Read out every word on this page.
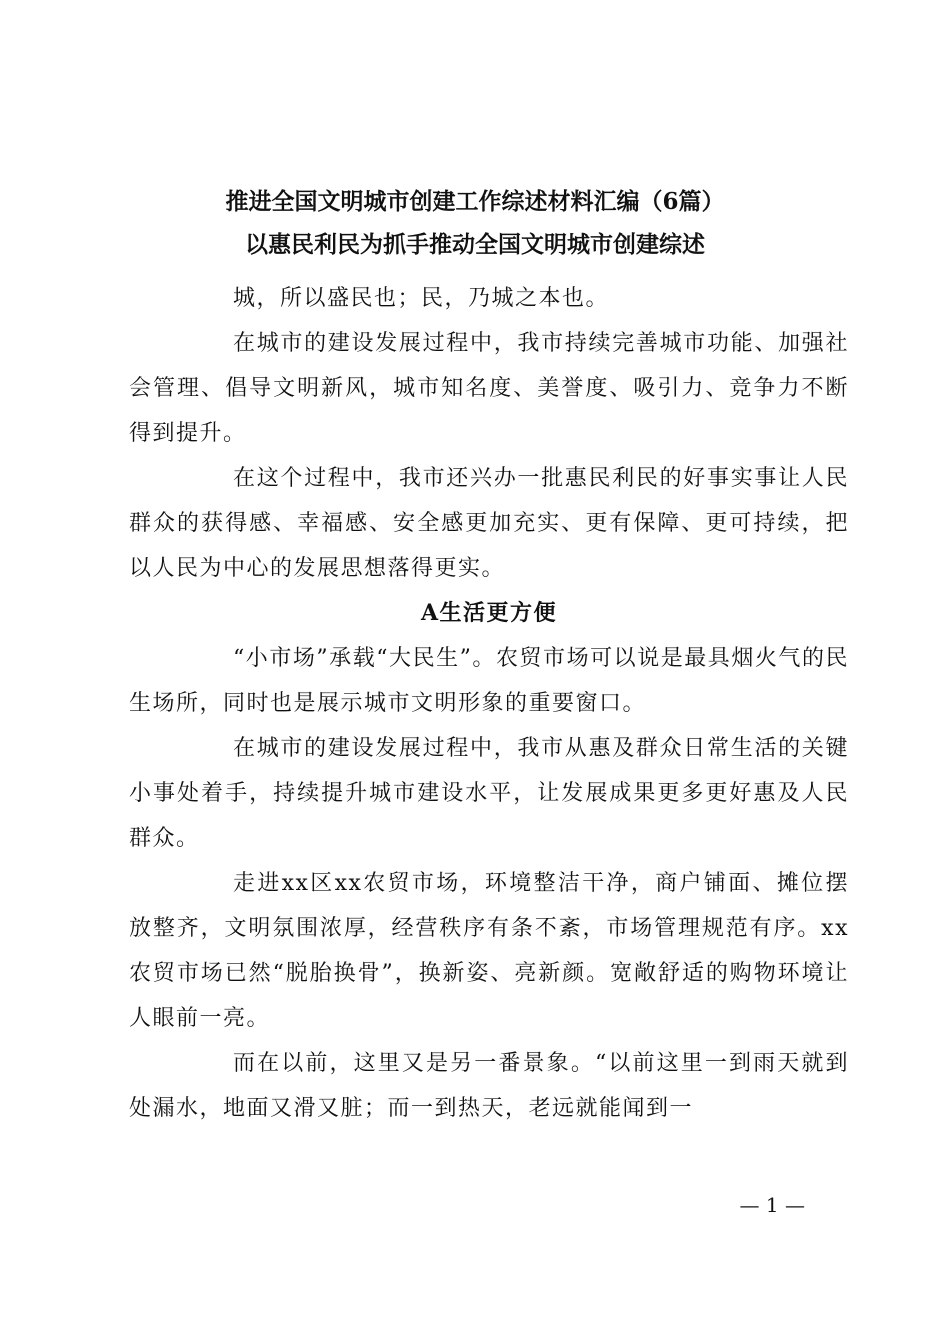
推进全国文明城市创建工作综述材料汇编（6篇）
以惠民利民为抓手推动全国文明城市创建综述

城，所以盛民也；民，乃城之本也。

在城市的建设发展过程中，我市持续完善城市功能、加强社会管理、倡导文明新风，城市知名度、美誉度、吸引力、竞争力不断得到提升。

在这个过程中，我市还兴办一批惠民利民的好事实事让人民群众的获得感、幸福感、安全感更加充实、更有保障、更可持续，把以人民为中心的发展思想落得更实。

A生活更方便

“小市场”承载“大民生”。农贸市场可以说是最具烟火气的民生场所，同时也是展示城市文明形象的重要窗口。

在城市的建设发展过程中，我市从惠及群众日常生活的关键小事处着手，持续提升城市建设水平，让发展成果更多更好惠及人民群众。

走进xx区xx农贸市场，环境整洁干净，商户铺面、摊位摆放整齐，文明氛围浓厚，经营秩序有条不紊，市场管理规范有序。xx农贸市场已然“脱胎换骨”，换新姿、亮新颜。宽敞舒适的购物环境让人眼前一亮。

而在以前，这里又是另一番景象。“以前这里一到雨天就到处漏水，地面又滑又脏；而一到热天，老远就能闻到一

— 1 —
